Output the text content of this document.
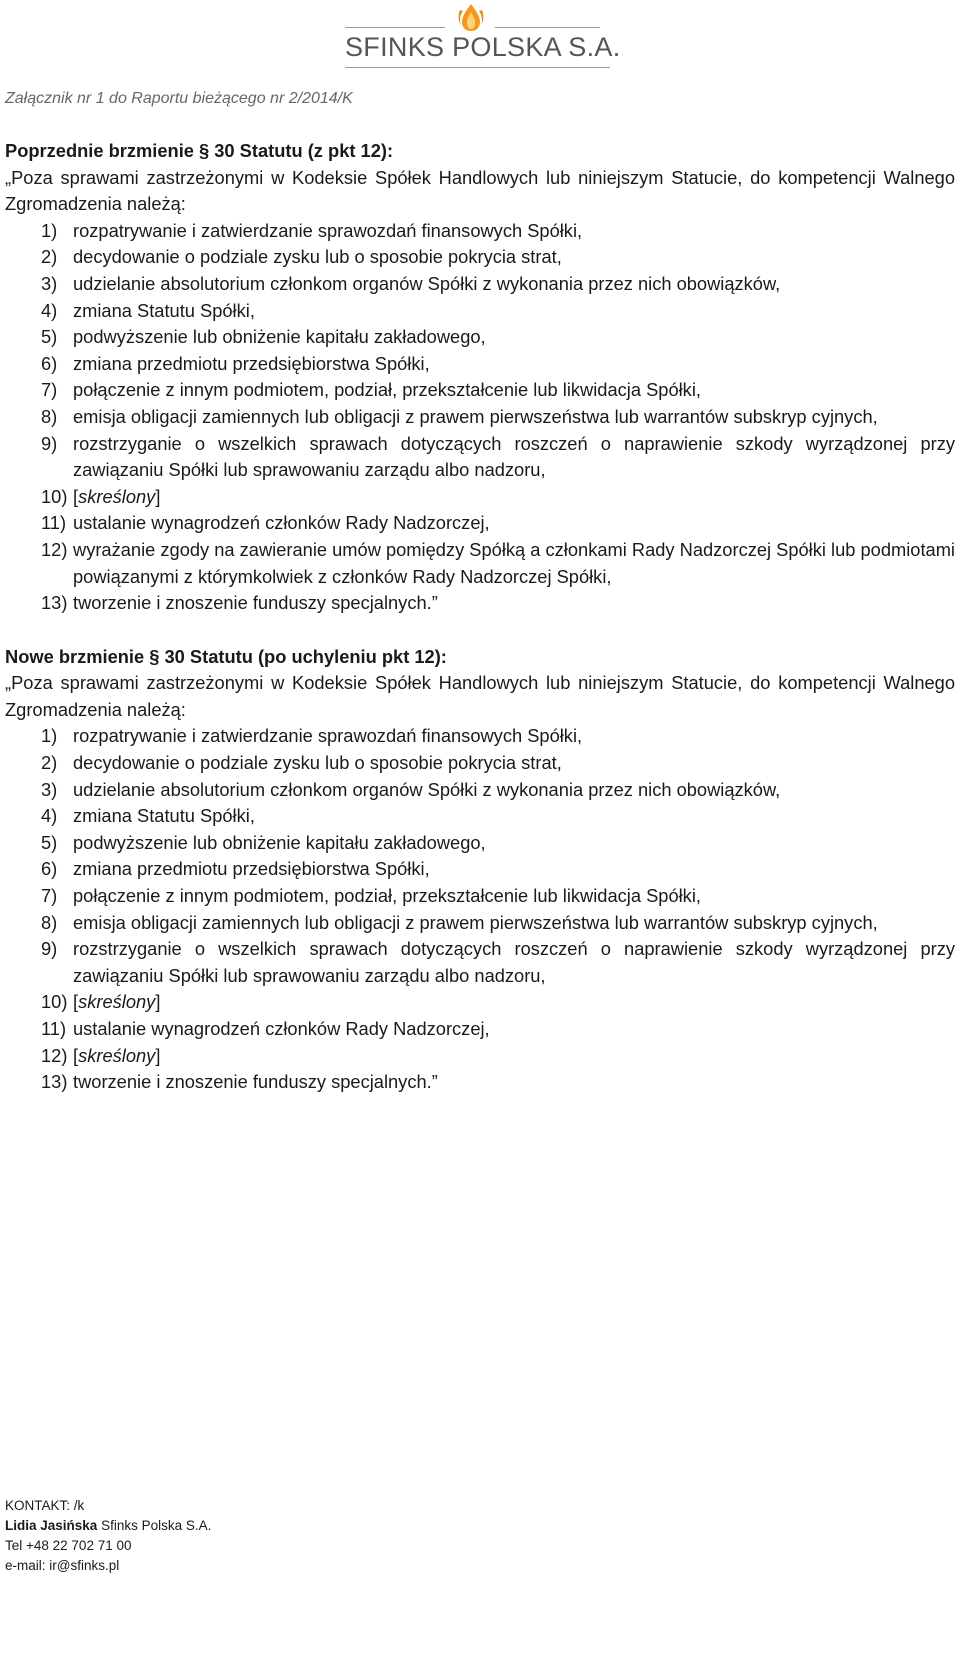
SFINKS POLSKA S.A.
Załącznik nr 1 do Raportu bieżącego nr 2/2014/K
Poprzednie brzmienie § 30 Statutu (z pkt 12):

„Poza sprawami zastrzeżonymi w Kodeksie Spółek Handlowych lub niniejszym Statucie, do kompetencji Walnego Zgromadzenia należą:

1) rozpatrywanie i zatwierdzanie sprawozdań finansowych Spółki,
2) decydowanie o podziale zysku lub o sposobie pokrycia strat,
3) udzielanie absolutorium członkom organów Spółki z wykonania przez nich obowiązków,
4) zmiana Statutu Spółki,
5) podwyższenie lub obniżenie kapitału zakładowego,
6) zmiana przedmiotu przedsiębiorstwa Spółki,
7) połączenie z innym podmiotem, podział, przekształcenie lub likwidacja Spółki,
8) emisja obligacji zamiennych lub obligacji z prawem pierwszeństwa lub warrantów subskryp cyjnych,
9) rozstrzyganie o wszelkich sprawach dotyczących roszczeń o naprawienie szkody wyrządzonej przy zawiązaniu Spółki lub sprawowaniu zarządu albo nadzoru,
10) [skreślony]
11) ustalanie wynagrodzeń członków Rady Nadzorczej,
12) wyrażanie zgody na zawieranie umów pomiędzy Spółką a członkami Rady Nadzorczej Spółki lub podmiotami powiązanymi z którymkolwiek z członków Rady Nadzorczej Spółki,
13) tworzenie i znoszenie funduszy specjalnych.”
Nowe brzmienie § 30 Statutu (po uchyleniu pkt 12):

„Poza sprawami zastrzeżonymi w Kodeksie Spółek Handlowych lub niniejszym Statucie, do kompetencji Walnego Zgromadzenia należą:

1) rozpatrywanie i zatwierdzanie sprawozdań finansowych Spółki,
2) decydowanie o podziale zysku lub o sposobie pokrycia strat,
3) udzielanie absolutorium członkom organów Spółki z wykonania przez nich obowiązków,
4) zmiana Statutu Spółki,
5) podwyższenie lub obniżenie kapitału zakładowego,
6) zmiana przedmiotu przedsiębiorstwa Spółki,
7) połączenie z innym podmiotem, podział, przekształcenie lub likwidacja Spółki,
8) emisja obligacji zamiennych lub obligacji z prawem pierwszeństwa lub warrantów subskryp cyjnych,
9) rozstrzyganie o wszelkich sprawach dotyczących roszczeń o naprawienie szkody wyrządzonej przy zawiązaniu Spółki lub sprawowaniu zarządu albo nadzoru,
10) [skreślony]
11) ustalanie wynagrodzeń członków Rady Nadzorczej,
12) [skreślony]
13) tworzenie i znoszenie funduszy specjalnych.”
KONTAKT: /k
Lidia Jasińska Sfinks Polska S.A.
Tel +48 22 702 71 00
e-mail: ir@sfinks.pl
